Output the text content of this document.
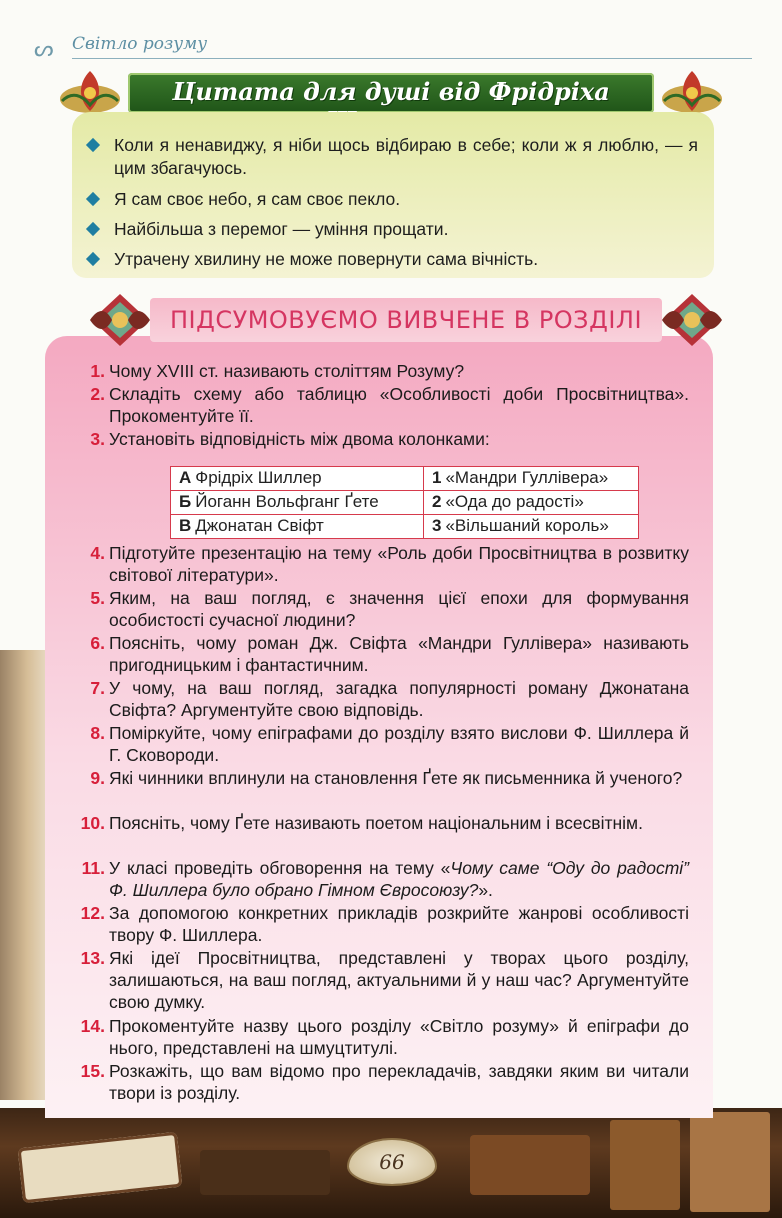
ᔕ Світло розуму
Цитата для душі від Фрідріха
Коли я ненавиджу, я ніби щось відбираю в себе; коли ж я люблю, — я цим збагачуюсь.
Я сам своє небо, я сам своє пекло.
Найбільша з перемог — уміння прощати.
Утрачену хвилину не може повернути сама вічність.
1. Чому XVIII ст. називають століттям Розуму?
2. Складіть схему або таблицю «Особливості доби Просвітництва». Прокоментуйте її.
3. Установіть відповідність між двома колонками:
А Фрідріх Шиллер	1 «Мандри Гуллівера»
Б Йоганн Вольфганг Ґете	2 «Ода до радості»
В Джонатан Свіфт	3 «Вільшаний король»
4. Підготуйте презентацію на тему «Роль доби Просвітництва в розвитку світової літератури».
5. Яким, на ваш погляд, є значення цієї епохи для формування особистості сучасної людини?
6. Поясніть, чому роман Дж. Свіфта «Мандри Гуллівера» називають пригодницьким і фантастичним.
7. У чому, на ваш погляд, загадка популярності роману Джонатана Свіфта? Аргументуйте свою відповідь.
8. Поміркуйте, чому епіграфами до розділу взято вислови Ф. Шиллера й Г. Сковороди.
9. Які чинники вплинули на становлення Ґете як письменника й ученого?
10. Поясніть, чому Ґете називають поетом національним і всесвітнім.
11. У класі проведіть обговорення на тему «Чому саме “Оду до радості” Ф. Шиллера було обрано Гімном Євросоюзу?».
12. За допомогою конкретних прикладів розкрийте жанрові особливості твору Ф. Шиллера.
13. Які ідеї Просвітництва, представлені у творах цього розділу, залишаються, на ваш погляд, актуальними й у наш час? Аргументуйте свою думку.
14. Прокоментуйте назву цього розділу «Світло розуму» й епіграфи до нього, представлені на шмуцтитулі.
15. Розкажіть, що вам відомо про перекладачів, завдяки яким ви читали твори із розділу.
ПІДСУМОВУЄМО ВИВЧЕНЕ В РОЗДІЛІ
66
